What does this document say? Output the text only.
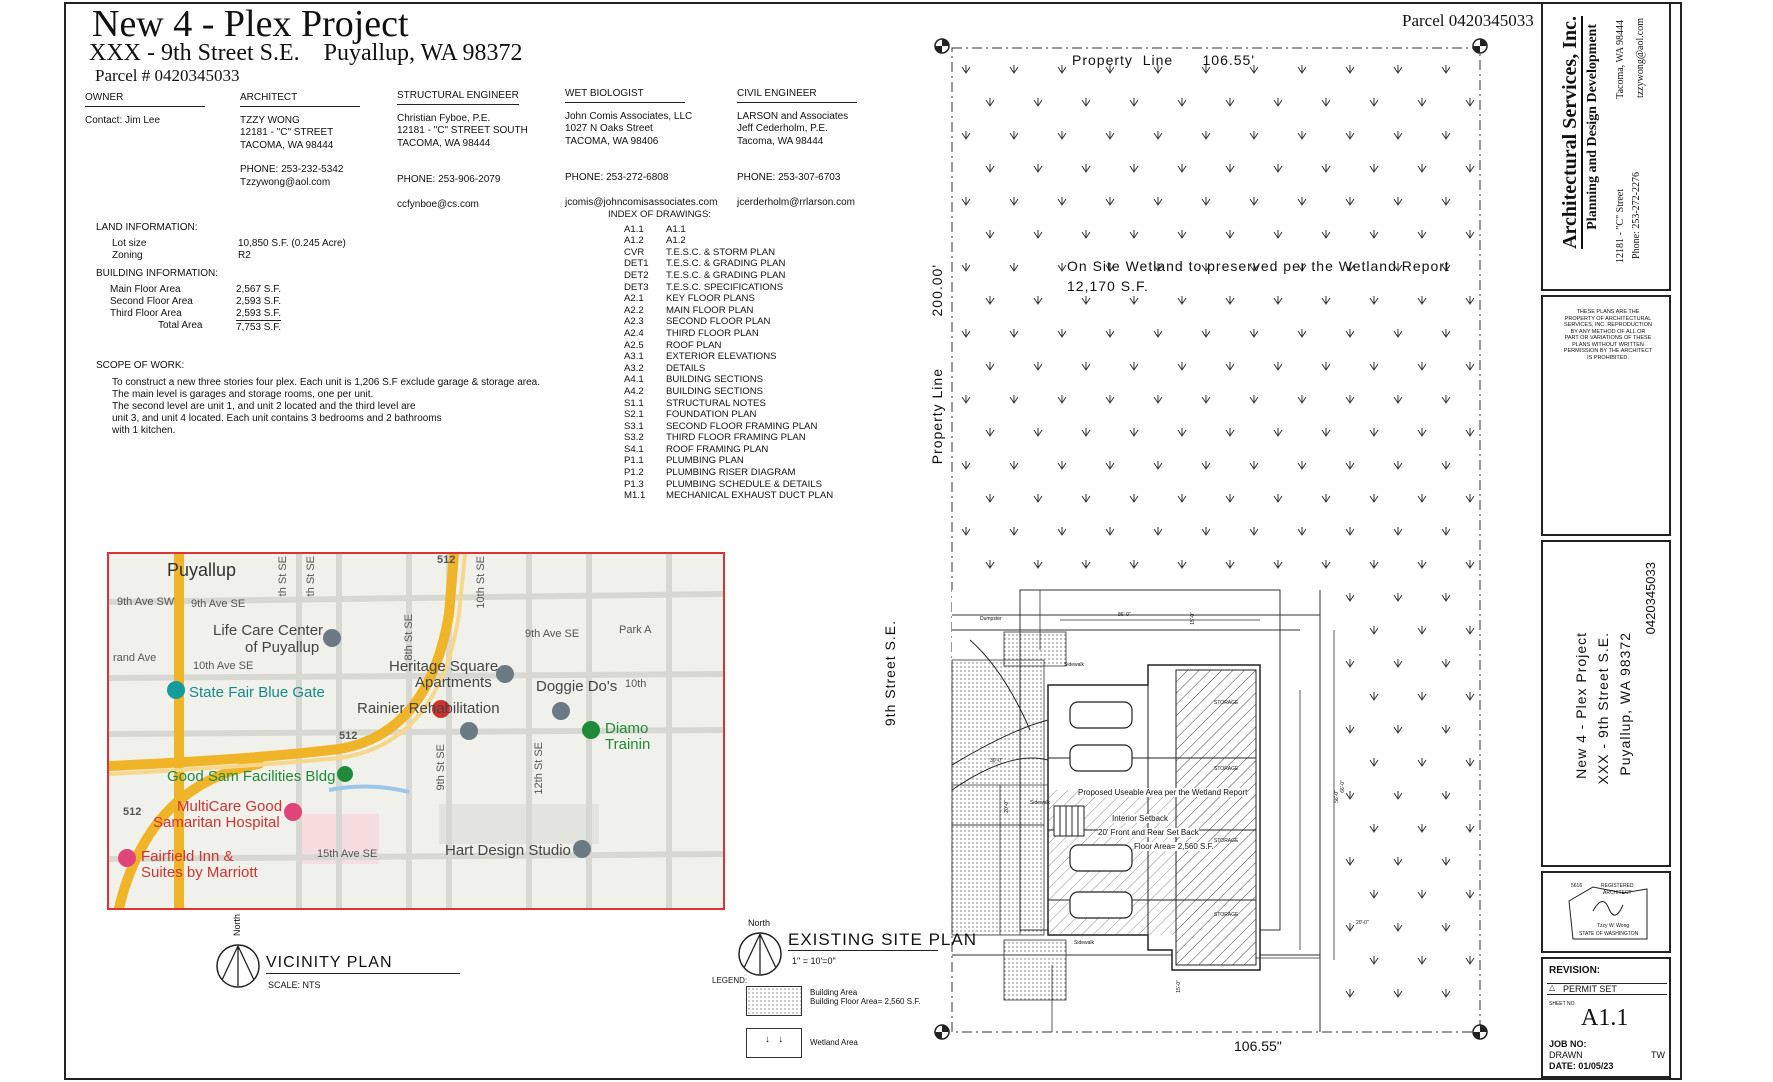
New 4 - Plex Project
XXX - 9th Street S.E.    Puyallup, WA 98372
Parcel # 0420345033
Parcel 0420345033
OWNER
Contact: Jim Lee
ARCHITECT
TZZY WONG
12181 - "C" STREET
TACOMA, WA 98444
PHONE: 253-232-5342
Tzzywong@aol.com
STRUCTURAL ENGINEER
Christian Fyboe, P.E.
12181 - "C" STREET SOUTH
TACOMA, WA 98444
PHONE: 253-906-2079
ccfynboe@cs.com
WET BIOLOGIST
John Comis Associates, LLC
1027 N Oaks Street
TACOMA, WA 98406
PHONE: 253-272-6808
jcomis@johncomisassociates.com
CIVIL ENGINEER
LARSON and Associates
Jeff Cederholm, P.E.
Tacoma, WA 98444
PHONE: 253-307-6703
jcerderholm@rrlarson.com
LAND INFORMATION:
Lot size	10,850 S.F. (0.245 Acre)
Zoning	R2
BUILDING INFORMATION:
Main Floor Area	2,567 S.F.
Second Floor Area	2,593 S.F.
Third Floor Area	2,593 S.F.
Total Area	7,753 S.F.
SCOPE OF WORK:
To construct a new three stories four plex. Each unit is 1,206 S.F exclude garage & storage area.
The main level is garages and storage rooms, one per unit.
The second level are unit 1, and unit 2 located and the third level are
unit 3, and unit 4 located. Each unit contains 3 bedrooms and 2 bathrooms
with 1 kitchen.
INDEX OF DRAWINGS:
A1.1 A1.1
A1.2 A1.2
CVR T.E.S.C. & STORM PLAN
DET1 T.E.S.C. & GRADING PLAN
DET2 T.E.S.C. & GRADING PLAN
DET3 T.E.S.C. SPECIFICATIONS
A2.1 KEY FLOOR PLANS
A2.2 MAIN FLOOR PLAN
A2.3 SECOND FLOOR PLAN
A2.4 THIRD FLOOR PLAN
A2.5 ROOF PLAN
A3.1 EXTERIOR ELEVATIONS
A3.2 DETAILS
A4.1 BUILDING SECTIONS
A4.2 BUILDING SECTIONS
S1.1 STRUCTURAL NOTES
S2.1 FOUNDATION PLAN
S3.1 SECOND FLOOR FRAMING PLAN
S3.2 THIRD FLOOR FRAMING PLAN
S4.1 ROOF FRAMING PLAN
P1.1 PLUMBING PLAN
P1.2 PLUMBING RISER DIAGRAM
P1.3 PLUMBING SCHEDULE & DETAILS
M1.1 MECHANICAL EXHAUST DUCT PLAN
Puyallup
9th Ave SW 9th Ave SE
rand Ave
10th Ave SE
9th Ave SE	Park A
15th Ave SE
8th St SE
9th St SE	12th St SE
10th St SE
th St SE th St SE
10th
512
512
512
Life Care Center
of Puyallup
Heritage Square
Apartments
State Fair Blue Gate
Rainier Rehabilitation
Doggie Do's
Diamo
Trainin
Good Sam Facilities Bldg
MultiCare Good
Samaritan Hospital
Fairfield Inn &
Suites by Marriott
Hart Design Studio
North
VICINITY PLAN
SCALE: NTS
Property  Line      106.55'
106.55"
Property Line
200.00'
9th Street S.E.
On Site Wetland to preserved per the Wetland Report
12,170 S.F.
Dumpster
Sidewalk
Sidewalk
Sidewalk
STORAGE
STORAGE
STORAGE
STORAGE
Proposed Useable Area per the Wetland Report
Interior Setback
20' Front and Rear Set Back
Floor Area= 2,560 S.F.
86'-0"	15'-0"
20'-0"
15'-0"
30'-0"
56'-0"
20'-0"
66'-0"
North
EXISTING SITE PLAN
1" = 10'=0"
LEGEND:
Building Area
Building Floor Area= 2,560 S.F.
↓   ↓	Wetland Area
Architectural Services, Inc. Planning and Design Development 12181 - "C" Street Phone: 253-272-2276
Tacoma, WA 98444 tzzywong@aol.com
THESE PLANS ARE THE
PROPERTY OF ARCHITECTURAL
SERVICES, INC. REPRODUCTION
BY ANY METHOD OF ALL OR
PART OR VARIATIONS OF THESE
PLANS WITHOUT WRITTEN
PERMISSION BY THE ARCHITECT
IS PROHIBITED.
0420345033
New 4 - Plex Project XXX - 9th Street S.E. Puyallup, WA 98372
5616	REGISTERED
ARCHITECT
Tzzy W. Wong
STATE OF WASHINGTON
REVISION:
△ PERMIT SET
SHEET NO.
A1.1
JOB NO:
DRAWN	TW
DATE: 01/05/23
